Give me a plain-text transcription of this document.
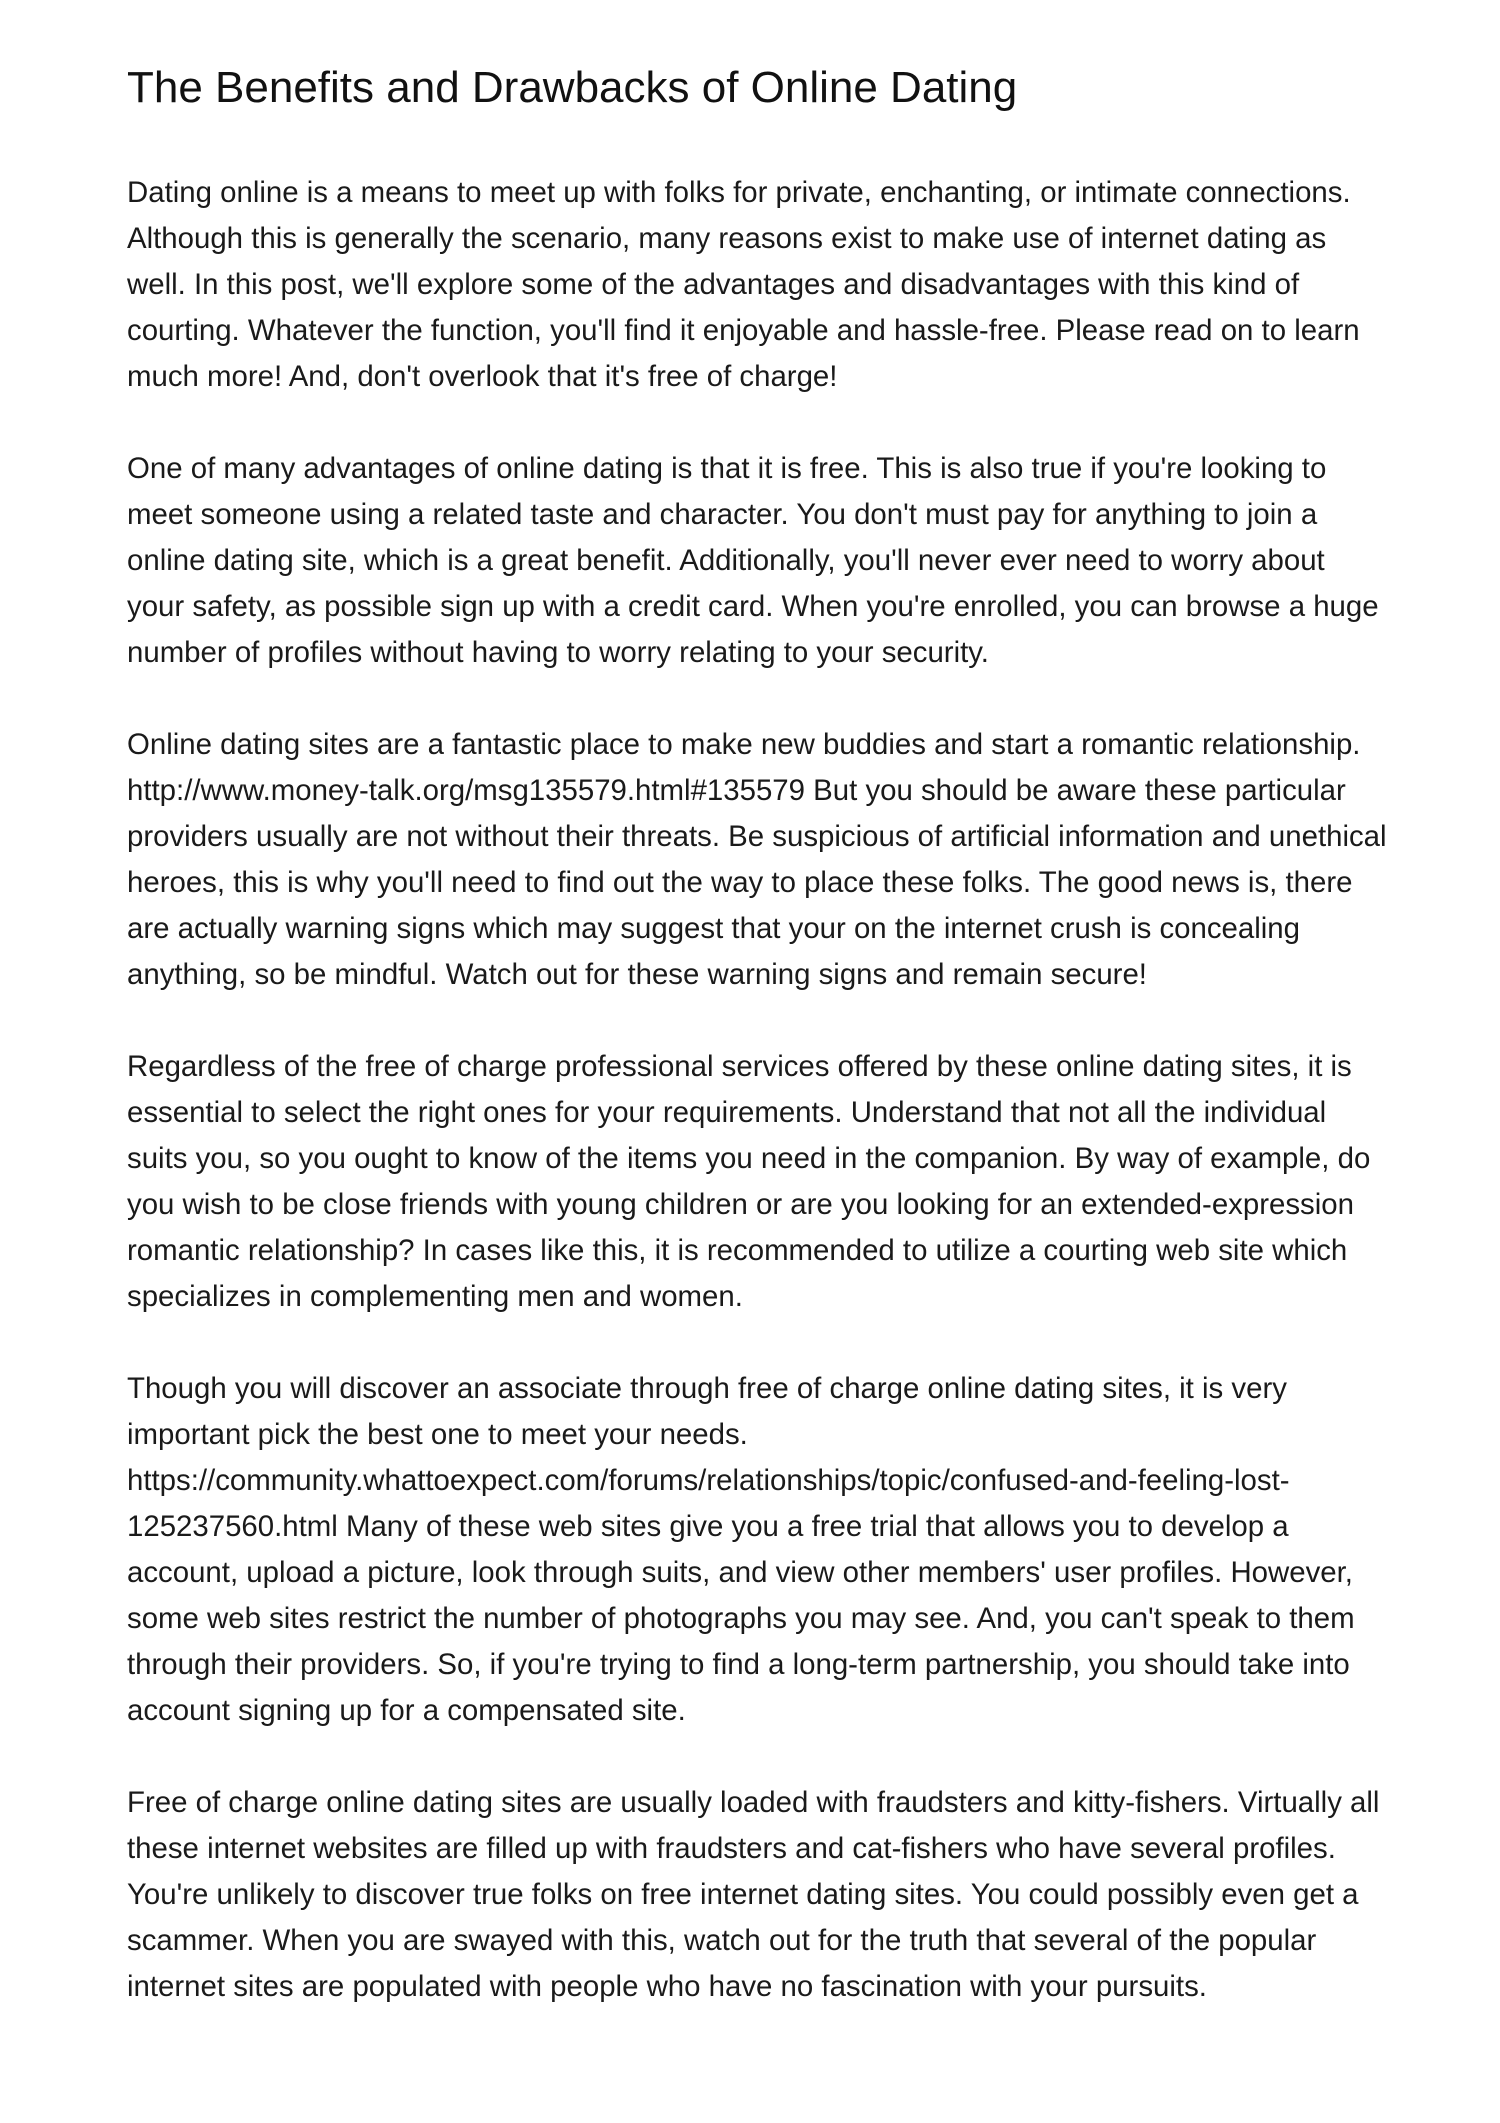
The Benefits and Drawbacks of Online Dating

Dating online is a means to meet up with folks for private, enchanting, or intimate connections. Although this is generally the scenario, many reasons exist to make use of internet dating as well. In this post, we'll explore some of the advantages and disadvantages with this kind of courting. Whatever the function, you'll find it enjoyable and hassle-free. Please read on to learn much more! And, don't overlook that it's free of charge!

One of many advantages of online dating is that it is free. This is also true if you're looking to meet someone using a related taste and character. You don't must pay for anything to join a online dating site, which is a great benefit. Additionally, you'll never ever need to worry about your safety, as possible sign up with a credit card. When you're enrolled, you can browse a huge number of profiles without having to worry relating to your security.

Online dating sites are a fantastic place to make new buddies and start a romantic relationship. http://www.money-talk.org/msg135579.html#135579 But you should be aware these particular providers usually are not without their threats. Be suspicious of artificial information and unethical heroes, this is why you'll need to find out the way to place these folks. The good news is, there are actually warning signs which may suggest that your on the internet crush is concealing anything, so be mindful. Watch out for these warning signs and remain secure!

Regardless of the free of charge professional services offered by these online dating sites, it is essential to select the right ones for your requirements. Understand that not all the individual suits you, so you ought to know of the items you need in the companion. By way of example, do you wish to be close friends with young children or are you looking for an extended-expression romantic relationship? In cases like this, it is recommended to utilize a courting web site which specializes in complementing men and women.

Though you will discover an associate through free of charge online dating sites, it is very important pick the best one to meet your needs. https://community.whattoexpect.com/forums/relationships/topic/confused-and-feeling-lost-125237560.html Many of these web sites give you a free trial that allows you to develop a account, upload a picture, look through suits, and view other members' user profiles. However, some web sites restrict the number of photographs you may see. And, you can't speak to them through their providers. So, if you're trying to find a long-term partnership, you should take into account signing up for a compensated site.

Free of charge online dating sites are usually loaded with fraudsters and kitty-fishers. Virtually all these internet websites are filled up with fraudsters and cat-fishers who have several profiles. You're unlikely to discover true folks on free internet dating sites. You could possibly even get a scammer. When you are swayed with this, watch out for the truth that several of the popular internet sites are populated with people who have no fascination with your pursuits.
